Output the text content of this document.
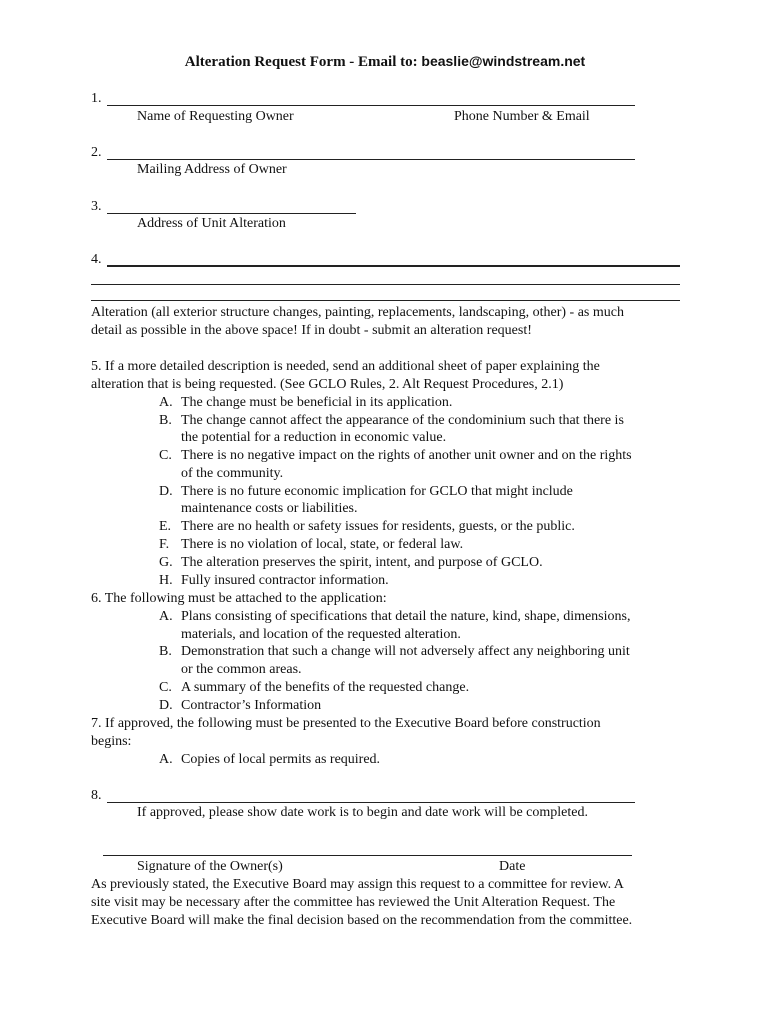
Alteration Request Form - Email to: beaslie@windstream.net
1.
Name of Requesting Owner	Phone Number & Email
2.
Mailing Address of Owner
3.
Address of Unit Alteration
4.
Alteration (all exterior structure changes, painting, replacements, landscaping, other) - as much
detail as possible in the above space! If in doubt - submit an alteration request!
5. If a more detailed description is needed, send an additional sheet of paper explaining the
alteration that is being requested. (See GCLO Rules, 2. Alt Request Procedures, 2.1)
A. The change must be beneficial in its application.
B. The change cannot affect the appearance of the condominium such that there is
the potential for a reduction in economic value.
C. There is no negative impact on the rights of another unit owner and on the rights
of the community.
D. There is no future economic implication for GCLO that might include
maintenance costs or liabilities.
E. There are no health or safety issues for residents, guests, or the public.
F. There is no violation of local, state, or federal law.
G. The alteration preserves the spirit, intent, and purpose of GCLO.
H. Fully insured contractor information.
6. The following must be attached to the application:
A. Plans consisting of specifications that detail the nature, kind, shape, dimensions,
materials, and location of the requested alteration.
B. Demonstration that such a change will not adversely affect any neighboring unit
or the common areas.
C. A summary of the benefits of the requested change.
D. Contractor’s Information
7. If approved, the following must be presented to the Executive Board before construction
begins:
A. Copies of local permits as required.
8.
If approved, please show date work is to begin and date work will be completed.
Signature of the Owner(s)	Date
As previously stated, the Executive Board may assign this request to a committee for review. A
site visit may be necessary after the committee has reviewed the Unit Alteration Request. The
Executive Board will make the final decision based on the recommendation from the committee.
